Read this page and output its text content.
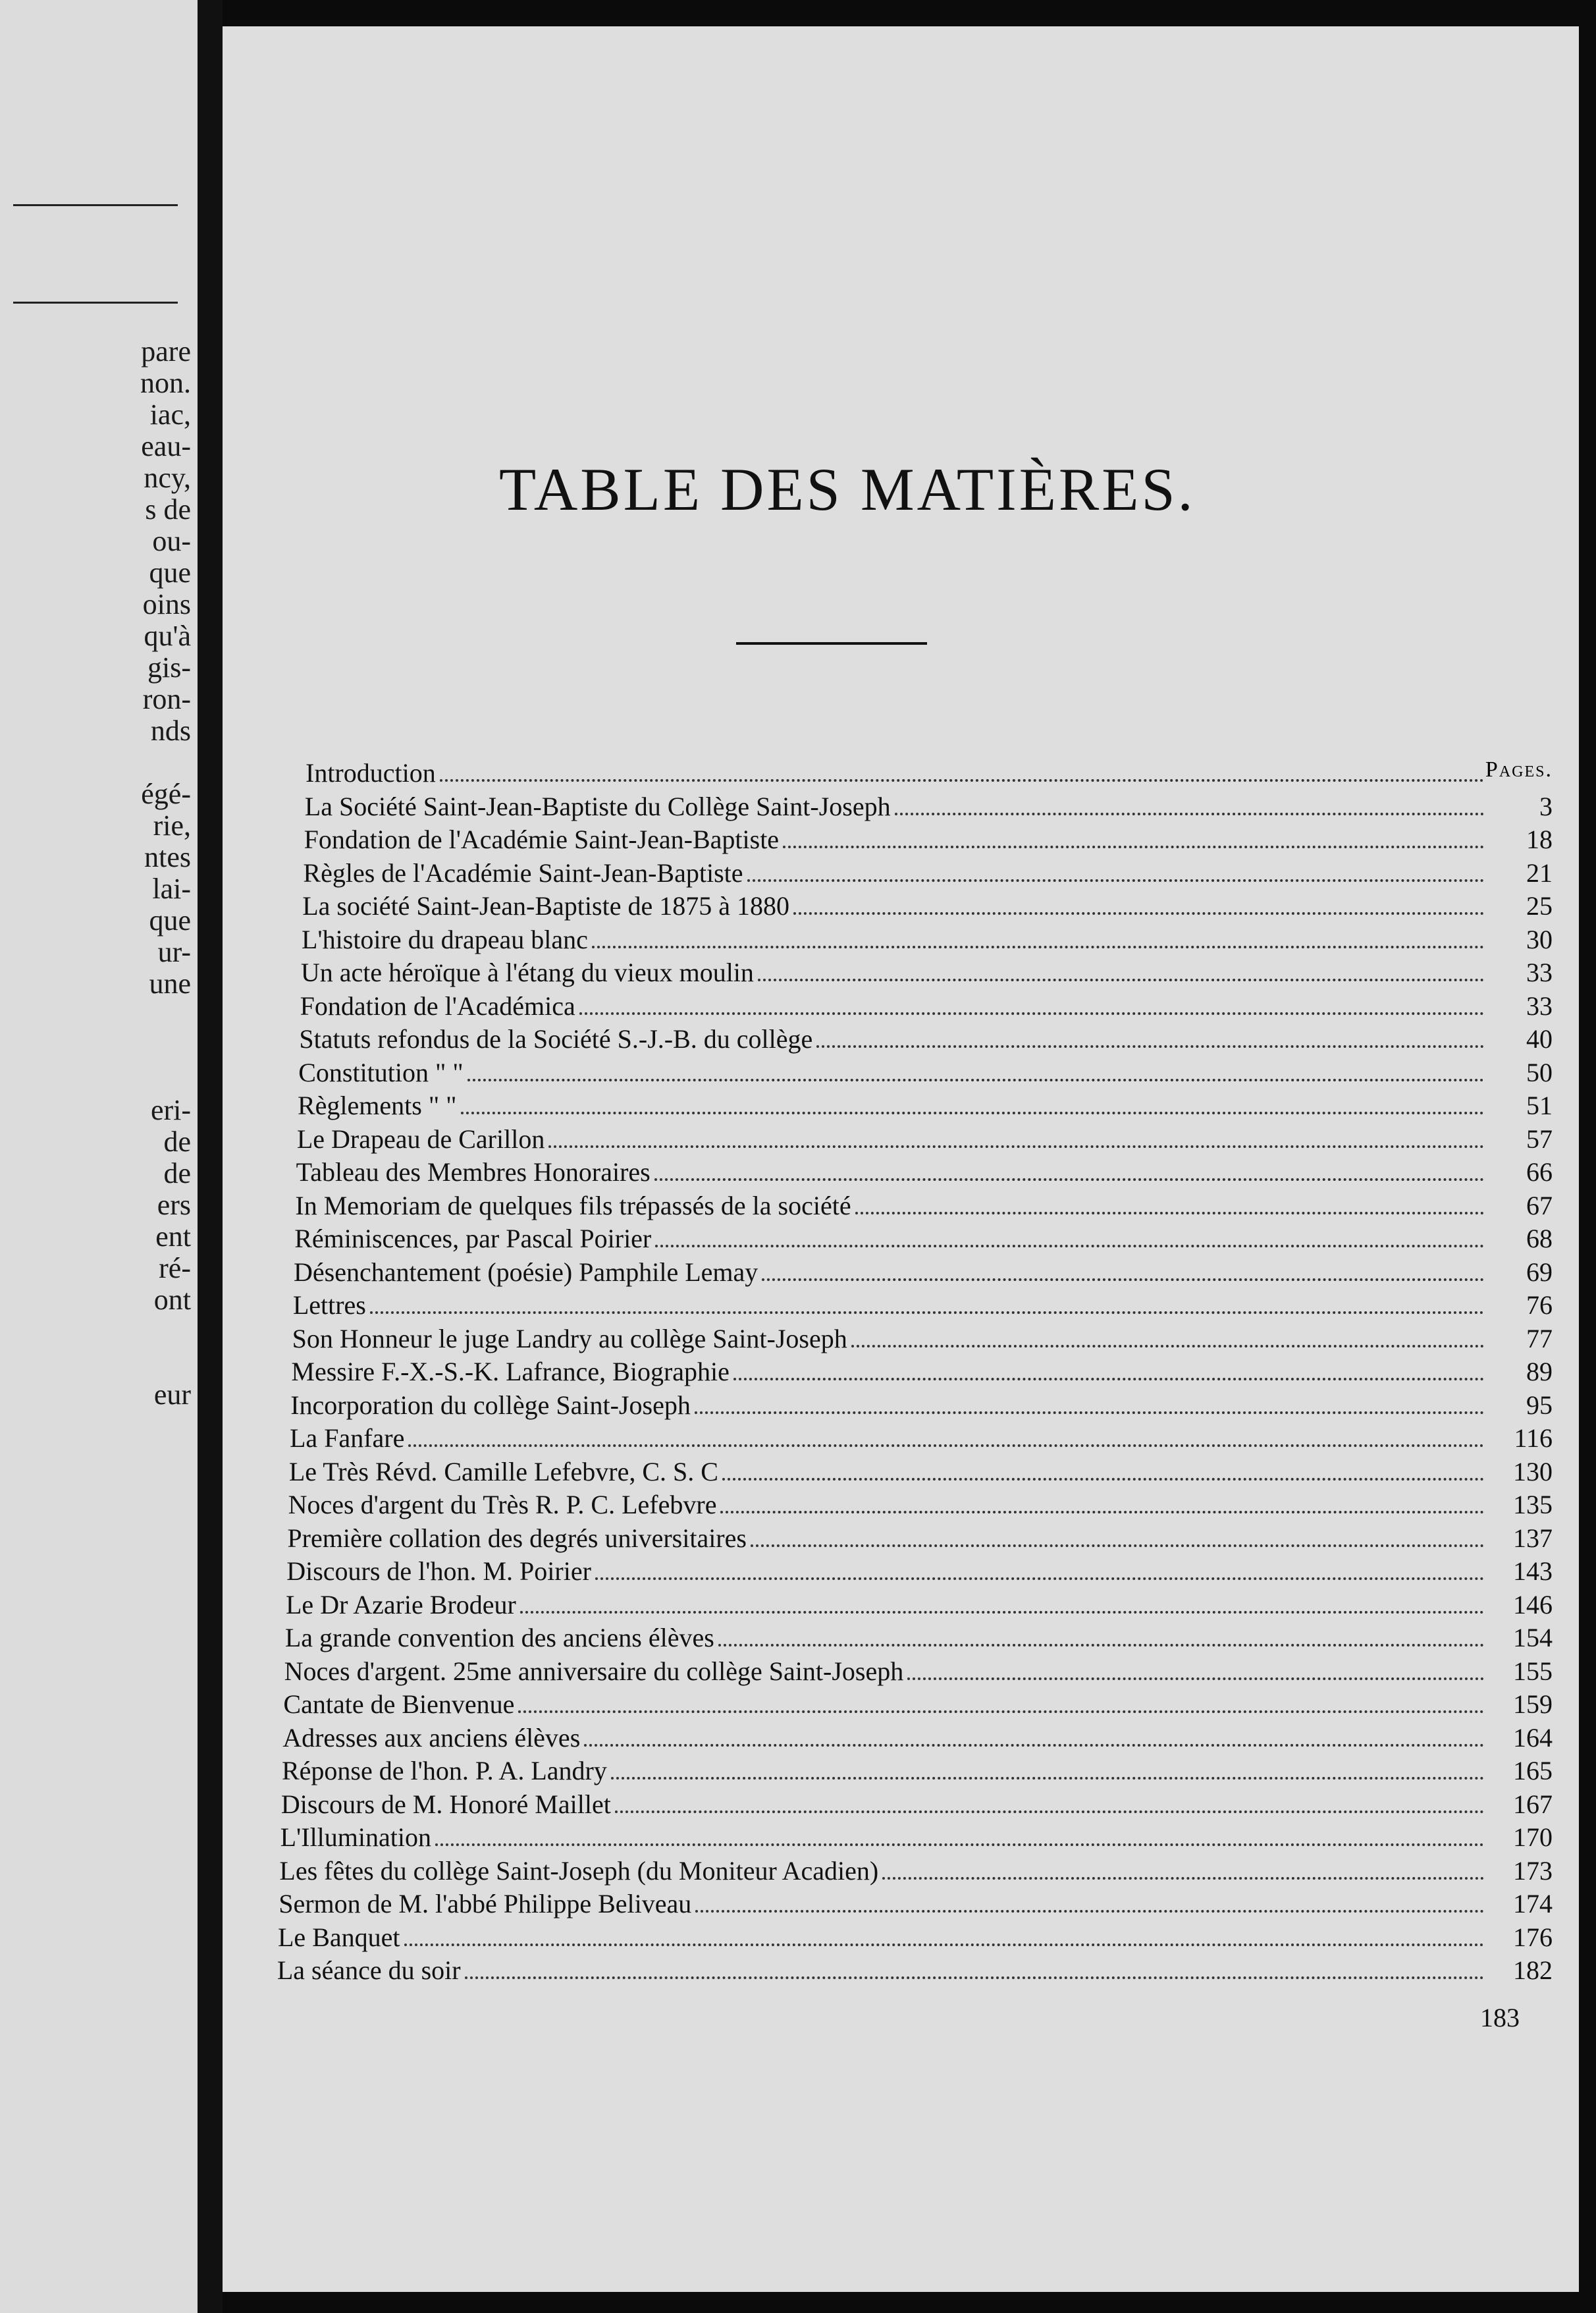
pare
non.
iac,
eau-
ncy,
s de
ou-
que
oins
qu'à
gis-
ron-
nds
égé-
rie,
ntes
lai-
que
ur-
une
eri-
de
de
ers
ent
ré-
ont
eur
TABLE DES MATIÈRES.
Pages.
Introduction
La Société Saint-Jean-Baptiste du Collège Saint-Joseph	3
Fondation de l'Académie Saint-Jean-Baptiste	18
Règles de l'Académie Saint-Jean-Baptiste	21
La société Saint-Jean-Baptiste de 1875 à 1880	25
L'histoire du drapeau blanc	30
Un acte héroïque à l'étang du vieux moulin	33
Fondation de l'Académica	33
Statuts refondus de la Société S.-J.-B. du collège	40
Constitution " "	50
Règlements " "	51
Le Drapeau de Carillon	57
Tableau des Membres Honoraires	66
In Memoriam de quelques fils trépassés de la société	67
Réminiscences, par Pascal Poirier	68
Désenchantement (poésie) Pamphile Lemay	69
Lettres	76
Son Honneur le juge Landry au collège Saint-Joseph	77
Messire F.-X.-S.-K. Lafrance, Biographie	89
Incorporation du collège Saint-Joseph	95
La Fanfare	116
Le Très Révd. Camille Lefebvre, C. S. C	130
Noces d'argent du Très R. P. C. Lefebvre	135
Première collation des degrés universitaires	137
Discours de l'hon. M. Poirier	143
Le Dr Azarie Brodeur	146
La grande convention des anciens élèves	154
Noces d'argent. 25me anniversaire du collège Saint-Joseph	155
Cantate de Bienvenue	159
Adresses aux anciens élèves	164
Réponse de l'hon. P. A. Landry	165
Discours de M. Honoré Maillet	167
L'Illumination	170
Les fêtes du collège Saint-Joseph (du Moniteur Acadien)	173
Sermon de M. l'abbé Philippe Beliveau	174
Le Banquet	176
La séance du soir	182
183
